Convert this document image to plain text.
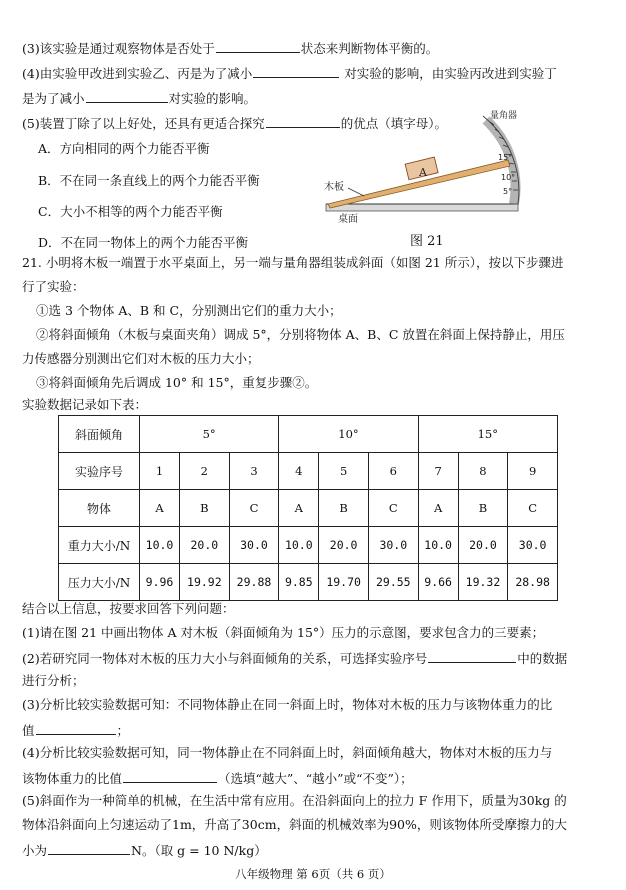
(3)该实验是通过观察物体是否处于	状态来判断物体平衡的。
(4)由实验甲改进到实验乙、丙是为了减小	对实验的影响，由实验丙改进到实验丁
是为了减小	对实验的影响。
(5)装置丁除了以上好处，还具有更适合探究	的优点（填字母）。
A．方向相同的两个力能否平衡
B．不在同一条直线上的两个力能否平衡
C．大小不相等的两个力能否平衡
D．不在同一物体上的两个力能否平衡
A
量角器
15°
10°
5°
木板
桌面
图 21
21. 小明将木板一端置于水平桌面上，另一端与量角器组装成斜面（如图 21 所示），按以下步骤进
行了实验：
①选 3 个物体 A、B 和 C，分别测出它们的重力大小；
②将斜面倾角（木板与桌面夹角）调成 5°，分别将物体 A、B、C 放置在斜面上保持静止，用压
力传感器分别测出它们对木板的压力大小；
③将斜面倾角先后调成 10° 和 15°，重复步骤②。
实验数据记录如下表：
斜面倾角	5°			10°			15°		
实验序号	1	2	3	4	5	6	7	8	9
物体	A	B	C	A	B	C	A	B	C
重力大小/N	10.0	20.0	30.0	10.0	20.0	30.0	10.0	20.0	30.0
压力大小/N	9.96	19.92	29.88	9.85	19.70	29.55	9.66	19.32	28.98
结合以上信息，按要求回答下列问题：
(1)请在图 21 中画出物体 A 对木板（斜面倾角为 15°）压力的示意图，要求包含力的三要素；
(2)若研究同一物体对木板的压力大小与斜面倾角的关系，可选择实验序号	中的数据
进行分析；
(3)分析比较实验数据可知：不同物体静止在同一斜面上时，物体对木板的压力与该物体重力的比
值	；
(4)分析比较实验数据可知，同一物体静止在不同斜面上时，斜面倾角越大，物体对木板的压力与
该物体重力的比值	（选填“越大”、“越小”或“不变”）；
(5)斜面作为一种简单的机械，在生活中常有应用。在沿斜面向上的拉力 F 作用下，质量为30kg 的
物体沿斜面向上匀速运动了1m，升高了30cm，斜面的机械效率为90%，则该物体所受摩擦力的大
小为	N。（取 g = 10 N/kg）
八年级物理 第 6页（共 6 页）
